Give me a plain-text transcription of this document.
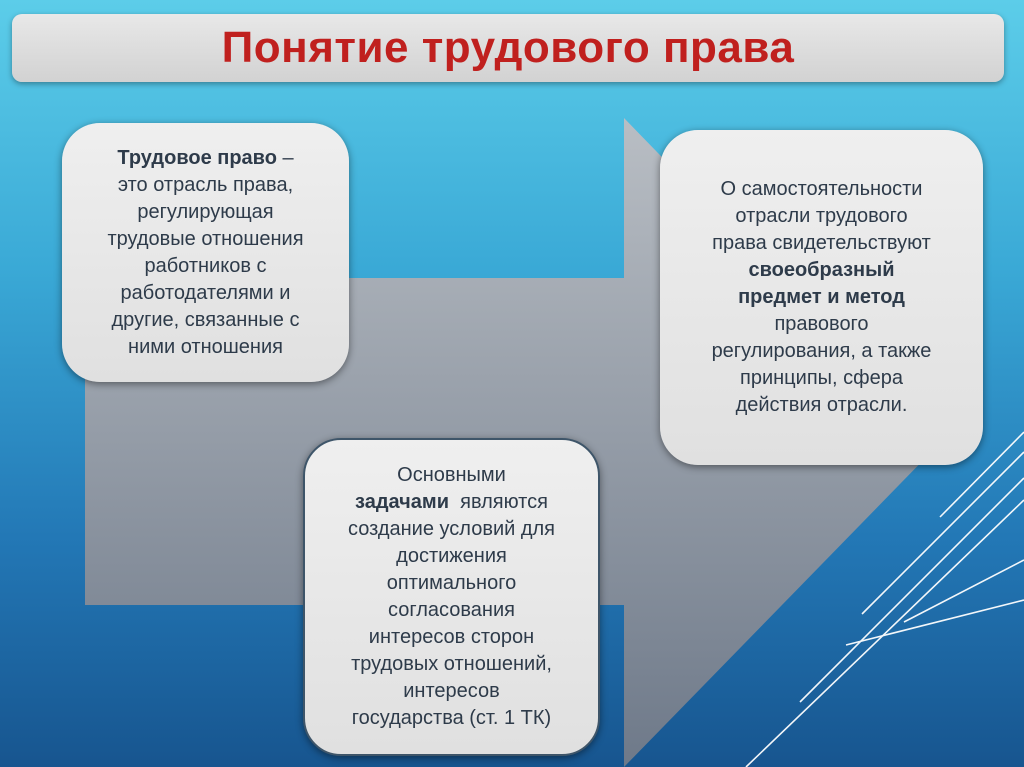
Понятие трудового права
Трудовое право –
это отрасль права,
регулирующая
трудовые отношения
работников с
работодателями и
другие, связанные с
ними отношения
О самостоятельности
отрасли трудового
права свидетельствуют
своеобразный
предмет и метод
правового
регулирования, а также
принципы, сфера
действия отрасли.
Основными
задачами  являются
создание условий для
достижения
оптимального
согласования
интересов сторон
трудовых отношений,
интересов
государства (ст. 1 ТК)
